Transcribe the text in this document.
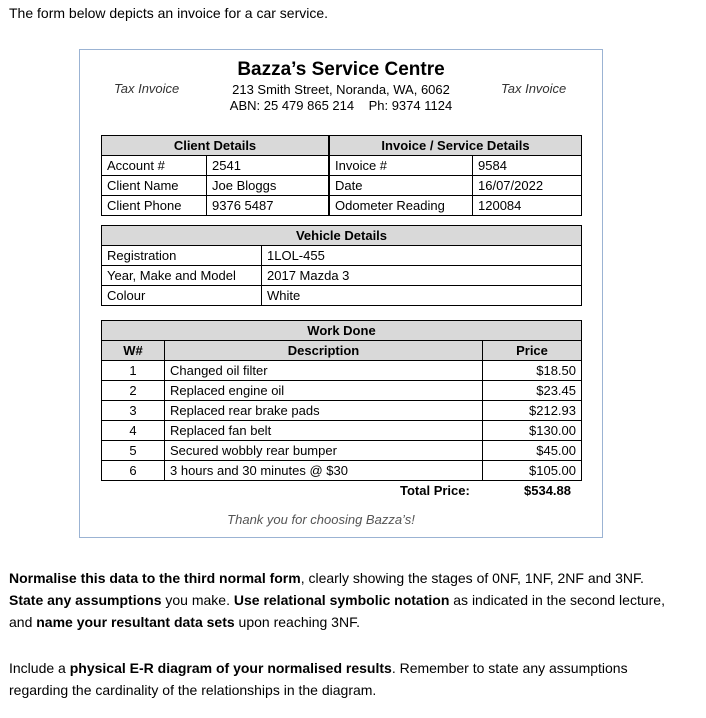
The form below depicts an invoice for a car service.
Tax Invoice	Tax Invoice
Bazza’s Service Centre
213 Smith Street, Noranda, WA, 6062
ABN: 25 479 865 214    Ph: 9374 1124
Client Details	
Account #	2541
Client Name	Joe Bloggs
Client Phone	9376 5487
Invoice / Service Details	
Invoice #	9584
Date	16/07/2022
Odometer Reading	120084
Vehicle Details	
Registration	1LOL-455
Year, Make and Model	2017 Mazda 3
Colour	White
Work Done		
W#	Description	Price
1	Changed oil filter	$18.50
2	Replaced engine oil	$23.45
3	Replaced rear brake pads	$212.93
4	Replaced fan belt	$130.00
5	Secured wobbly rear bumper	$45.00
6	3 hours and 30 minutes @ $30	$105.00
Total Price:	$534.88
Thank you for choosing Bazza’s!
Normalise this data to the third normal form, clearly showing the stages of 0NF, 1NF, 2NF and 3NF. State any assumptions you make. Use relational symbolic notation as indicated in the second lecture, and name your resultant data sets upon reaching 3NF.
Include a physical E-R diagram of your normalised results. Remember to state any assumptions regarding the cardinality of the relationships in the diagram.
